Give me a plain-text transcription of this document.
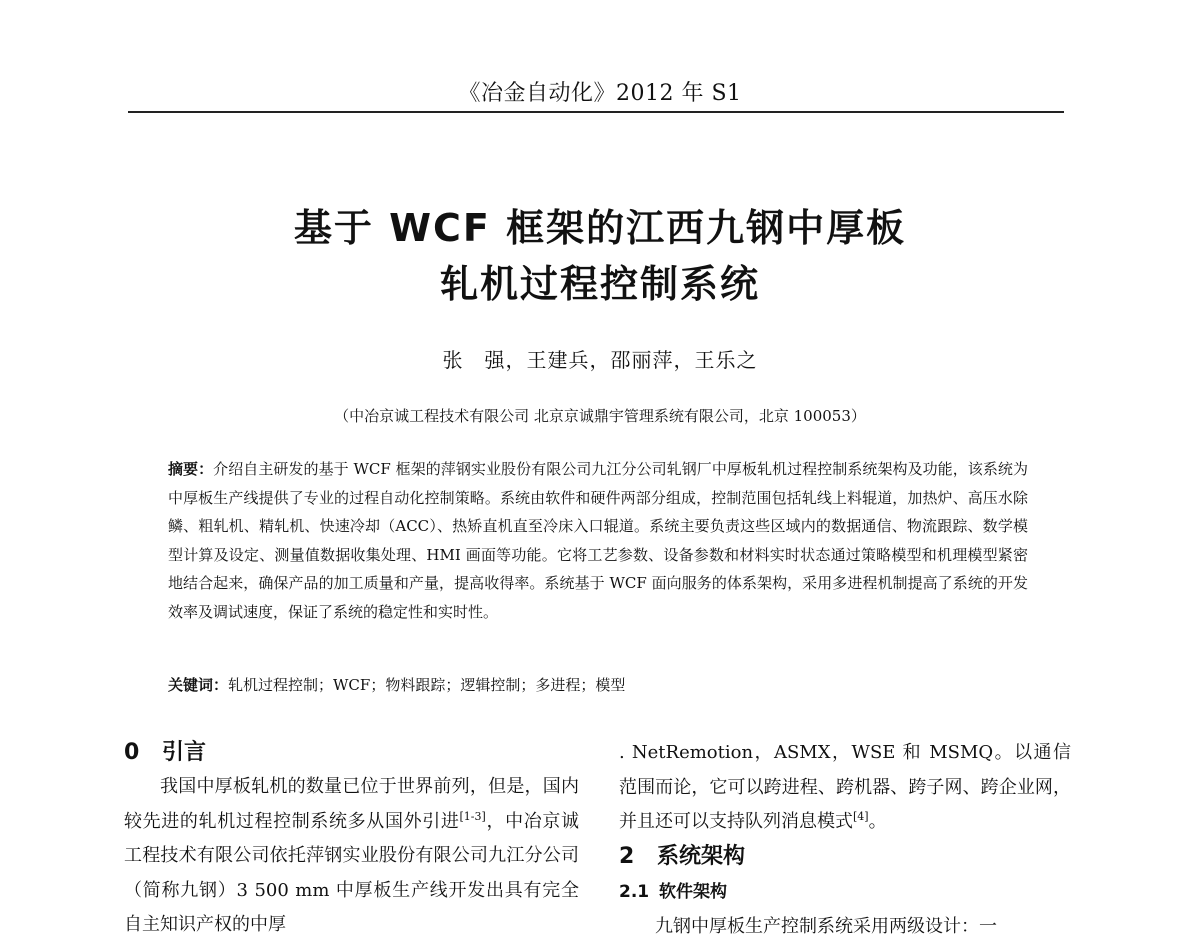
《冶金自动化》2012 年 S1
基于 WCF 框架的江西九钢中厚板
轧机过程控制系统
张　强，王建兵，邵丽萍，王乐之
（中冶京诚工程技术有限公司 北京京诚鼎宇管理系统有限公司，北京 100053）
摘要：介绍自主研发的基于 WCF 框架的萍钢实业股份有限公司九江分公司轧钢厂中厚板轧机过程控制系统架构及功能，该系统为中厚板生产线提供了专业的过程自动化控制策略。系统由软件和硬件两部分组成，控制范围包括轧线上料辊道，加热炉、高压水除鳞、粗轧机、精轧机、快速冷却（ACC）、热矫直机直至冷床入口辊道。系统主要负责这些区域内的数据通信、物流跟踪、数学模型计算及设定、测量值数据收集处理、HMI 画面等功能。它将工艺参数、设备参数和材料实时状态通过策略模型和机理模型紧密地结合起来，确保产品的加工质量和产量，提高收得率。系统基于 WCF 面向服务的体系架构，采用多进程机制提高了系统的开发效率及调试速度，保证了系统的稳定性和实时性。
关键词：轧机过程控制；WCF；物料跟踪；逻辑控制；多进程；模型
0 引言

我国中厚板轧机的数量已位于世界前列，但是，国内较先进的轧机过程控制系统多从国外引进[1-3]，中冶京诚工程技术有限公司依托萍钢实业股份有限公司九江分公司（简称九钢）3 500 mm 中厚板生产线开发出具有完全自主知识产权的中厚

. NetRemotion，ASMX，WSE 和 MSMQ。以通信范围而论，它可以跨进程、跨机器、跨子网、跨企业网，并且还可以支持队列消息模式[4]。

2 系统架构
2.1 软件架构

九钢中厚板生产控制系统采用两级设计：一
